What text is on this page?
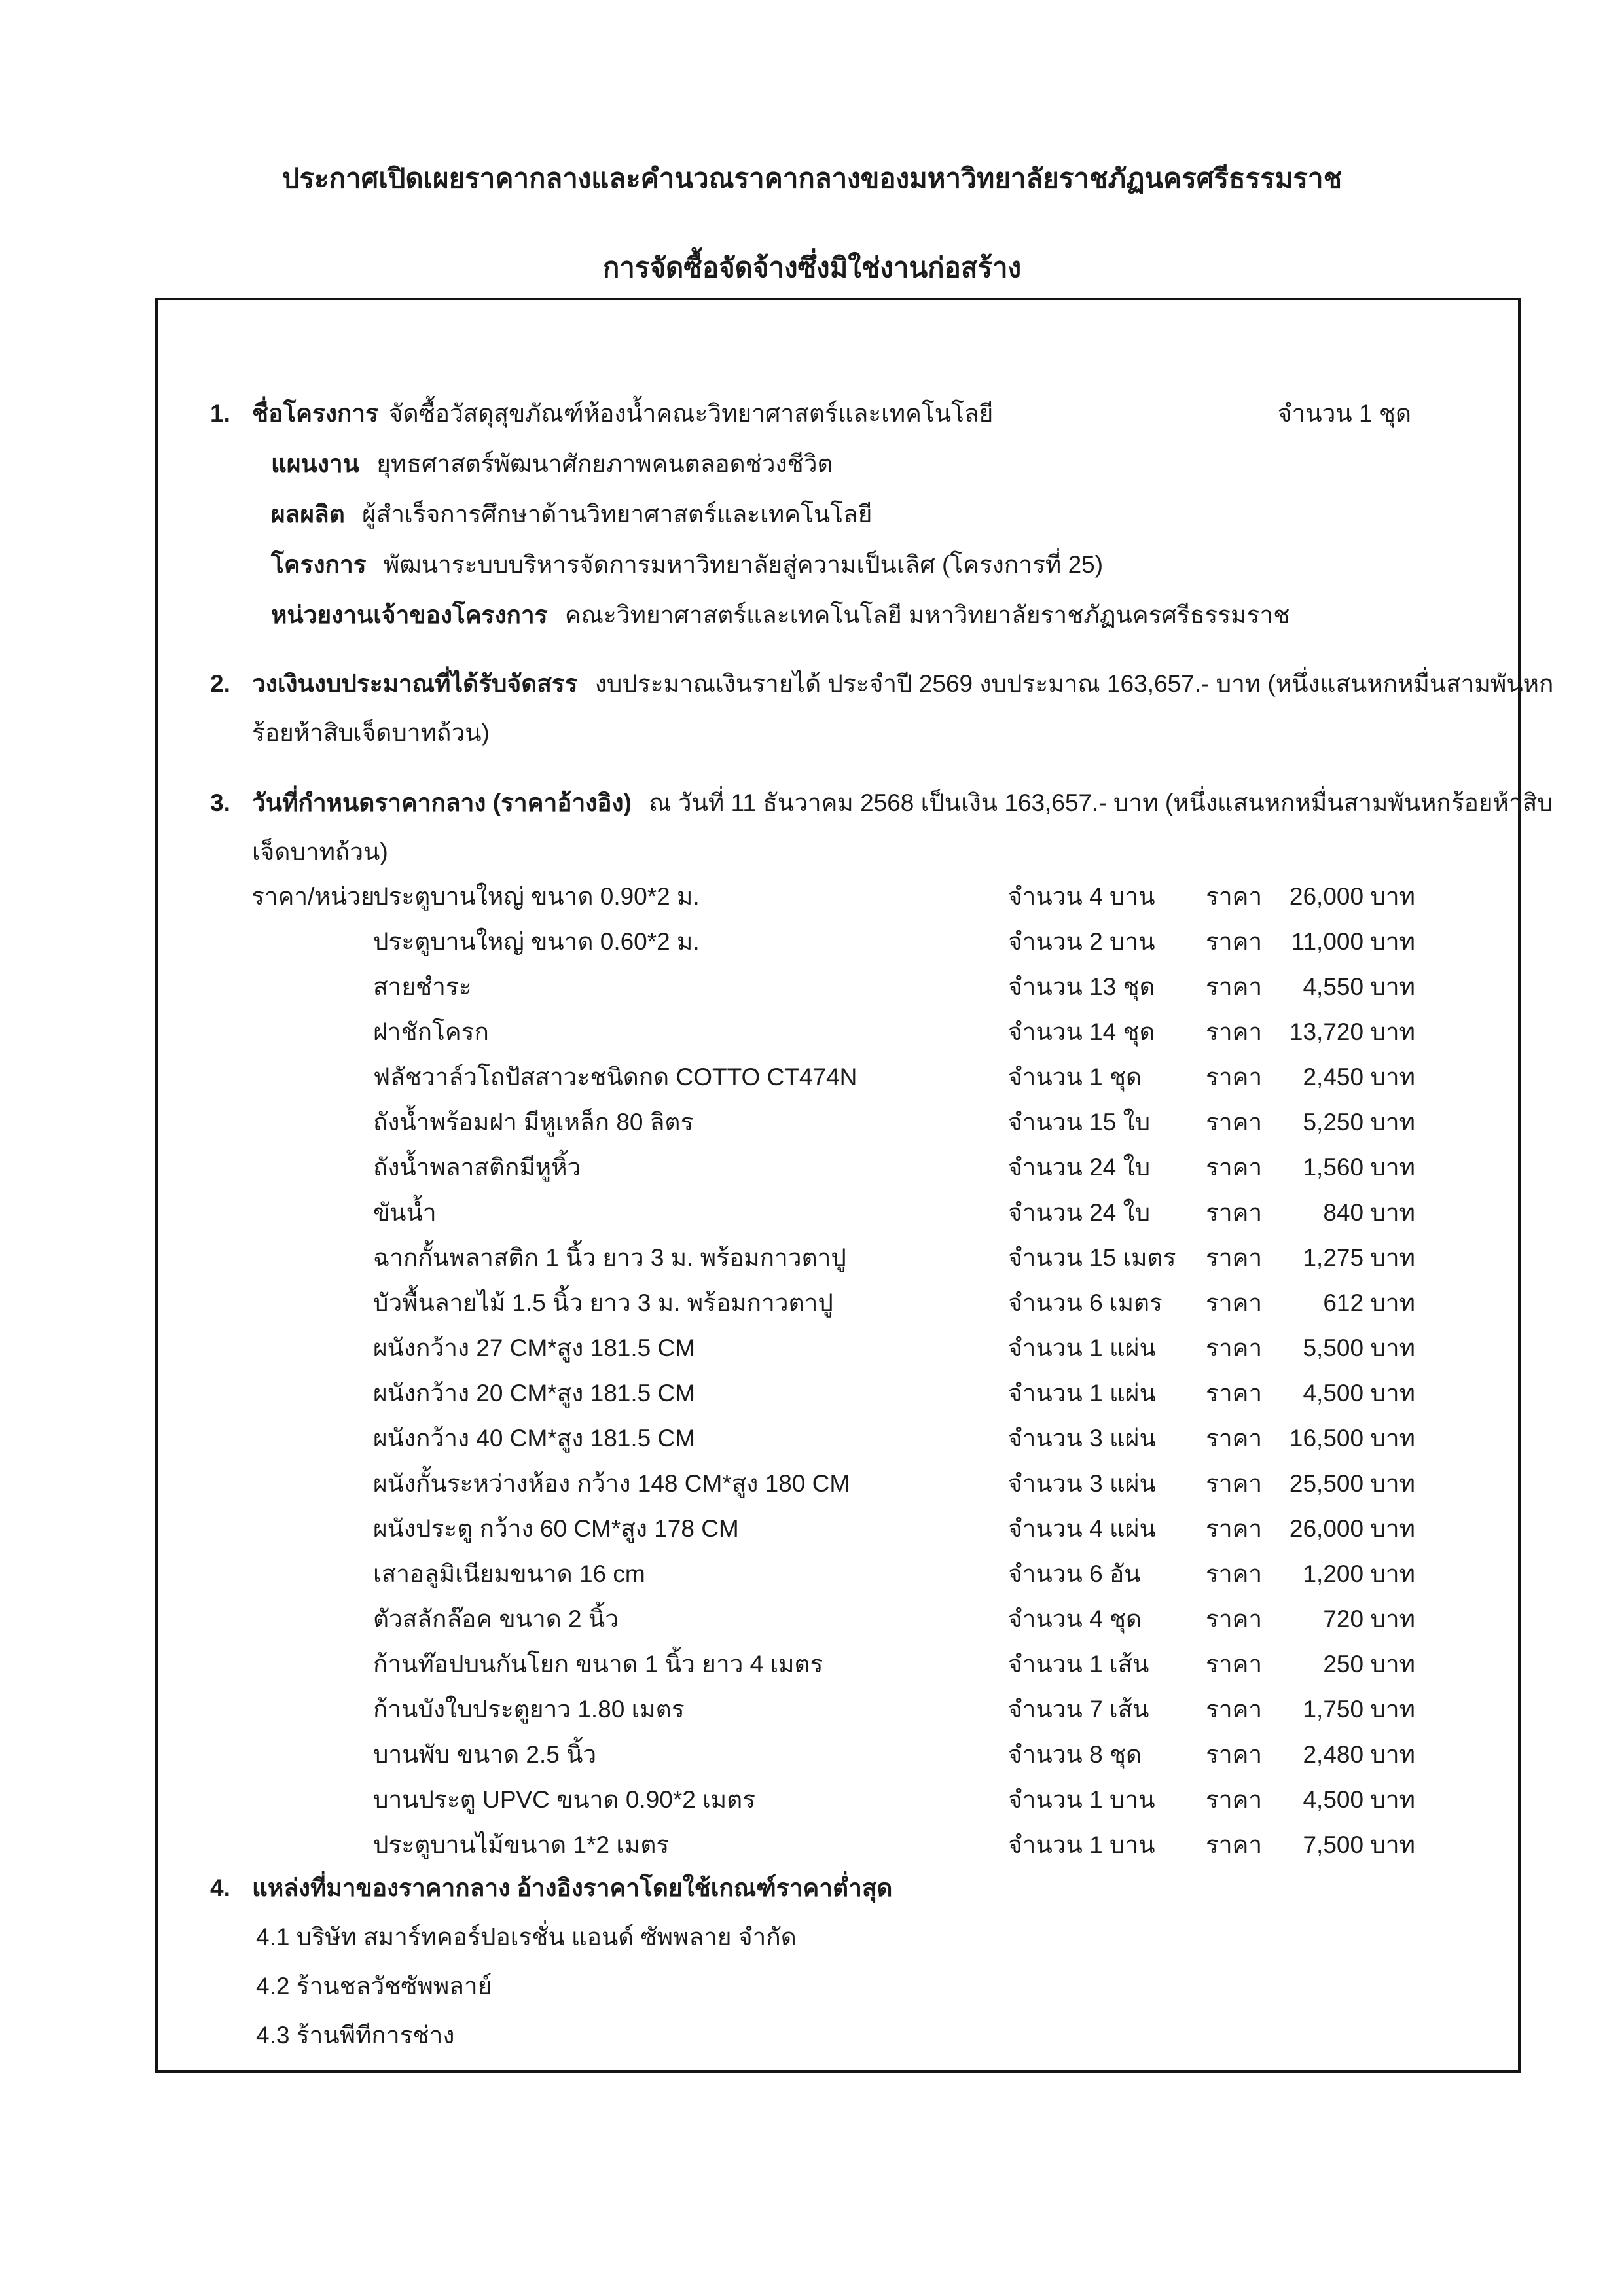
ประกาศเปิดเผยราคากลางและคำนวณราคากลางของมหาวิทยาลัยราชภัฏนครศรีธรรมราช
การจัดซื้อจัดจ้างซึ่งมิใช่งานก่อสร้าง
1. ชื่อโครงการ จัดซื้อวัสดุสุขภัณฑ์ห้องน้ำคณะวิทยาศาสตร์และเทคโนโลยี	จำนวน 1 ชุด
แผนงาน ยุทธศาสตร์พัฒนาศักยภาพคนตลอดช่วงชีวิต
ผลผลิต ผู้สำเร็จการศึกษาด้านวิทยาศาสตร์และเทคโนโลยี
โครงการ พัฒนาระบบบริหารจัดการมหาวิทยาลัยสู่ความเป็นเลิศ (โครงการที่ 25)
หน่วยงานเจ้าของโครงการ คณะวิทยาศาสตร์และเทคโนโลยี มหาวิทยาลัยราชภัฏนครศรีธรรมราช
2. วงเงินงบประมาณที่ได้รับจัดสรร งบประมาณเงินรายได้ ประจำปี 2569 งบประมาณ 163,657.- บาท (หนึ่งแสนหกหมื่นสามพันหก
ร้อยห้าสิบเจ็ดบาทถ้วน)
3. วันที่กำหนดราคากลาง (ราคาอ้างอิง) ณ วันที่ 11 ธันวาคม 2568 เป็นเงิน 163,657.- บาท (หนึ่งแสนหกหมื่นสามพันหกร้อยห้าสิบ
เจ็ดบาทถ้วน)
ราคา/หน่วย
ประตูบานใหญ่ ขนาด 0.90*2 ม.	จำนวน 4 บาน	ราคา	26,000 บาท
ประตูบานใหญ่ ขนาด 0.60*2 ม.	จำนวน 2 บาน	ราคา	11,000 บาท
สายชำระ	จำนวน 13 ชุด	ราคา	4,550 บาท
ฝาชักโครก	จำนวน 14 ชุด	ราคา	13,720 บาท
ฟลัชวาล์วโถปัสสาวะชนิดกด COTTO CT474N	จำนวน 1 ชุด	ราคา	2,450 บาท
ถังน้ำพร้อมฝา มีหูเหล็ก 80 ลิตร	จำนวน 15 ใบ	ราคา	5,250 บาท
ถังน้ำพลาสติกมีหูหิ้ว	จำนวน 24 ใบ	ราคา	1,560 บาท
ขันน้ำ	จำนวน 24 ใบ	ราคา	840 บาท
ฉากกั้นพลาสติก 1 นิ้ว ยาว 3 ม. พร้อมกาวตาปู	จำนวน 15 เมตร	ราคา	1,275 บาท
บัวพื้นลายไม้ 1.5 นิ้ว ยาว 3 ม. พร้อมกาวตาปู	จำนวน 6 เมตร	ราคา	612 บาท
ผนังกว้าง 27 CM*สูง 181.5 CM	จำนวน 1 แผ่น	ราคา	5,500 บาท
ผนังกว้าง 20 CM*สูง 181.5 CM	จำนวน 1 แผ่น	ราคา	4,500 บาท
ผนังกว้าง 40 CM*สูง 181.5 CM	จำนวน 3 แผ่น	ราคา	16,500 บาท
ผนังกั้นระหว่างห้อง กว้าง 148 CM*สูง 180 CM	จำนวน 3 แผ่น	ราคา	25,500 บาท
ผนังประตู กว้าง 60 CM*สูง 178 CM	จำนวน 4 แผ่น	ราคา	26,000 บาท
เสาอลูมิเนียมขนาด 16 cm	จำนวน 6 อัน	ราคา	1,200 บาท
ตัวสลักล๊อค ขนาด 2 นิ้ว	จำนวน 4 ชุด	ราคา	720 บาท
ก้านท๊อปบนกันโยก ขนาด 1 นิ้ว ยาว 4 เมตร	จำนวน 1 เส้น	ราคา	250 บาท
ก้านบังใบประตูยาว 1.80 เมตร	จำนวน 7 เส้น	ราคา	1,750 บาท
บานพับ ขนาด 2.5 นิ้ว	จำนวน 8 ชุด	ราคา	2,480 บาท
บานประตู UPVC ขนาด 0.90*2 เมตร	จำนวน 1 บาน	ราคา	4,500 บาท
ประตูบานไม้ขนาด 1*2 เมตร	จำนวน 1 บาน	ราคา	7,500 บาท
4. แหล่งที่มาของราคากลาง อ้างอิงราคาโดยใช้เกณฑ์ราคาต่ำสุด
4.1 บริษัท สมาร์ทคอร์ปอเรชั่น แอนด์ ซัพพลาย จำกัด
4.2 ร้านชลวัชซัพพลาย์
4.3 ร้านพีทีการช่าง
